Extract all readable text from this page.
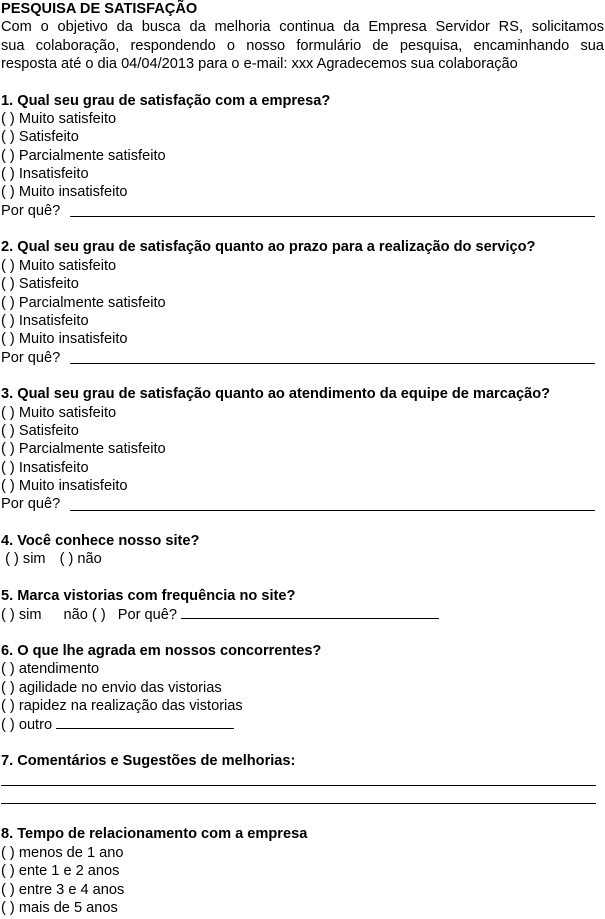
PESQUISA DE SATISFAÇÃO
Com o objetivo da busca da melhoria continua da Empresa Servidor RS, solicitamos
sua colaboração, respondendo o nosso formulário de pesquisa, encaminhando sua
resposta até o dia 04/04/2013 para o e-mail: xxx Agradecemos sua colaboração
1. Qual seu grau de satisfação com a empresa?
( ) Muito satisfeito
( ) Satisfeito
( ) Parcialmente satisfeito
( ) Insatisfeito
( ) Muito insatisfeito
Por quê?
2. Qual seu grau de satisfação quanto ao prazo para a realização do serviço?
( ) Muito satisfeito
( ) Satisfeito
( ) Parcialmente satisfeito
( ) Insatisfeito
( ) Muito insatisfeito
Por quê?
3. Qual seu grau de satisfação quanto ao atendimento da equipe de marcação?
( ) Muito satisfeito
( ) Satisfeito
( ) Parcialmente satisfeito
( ) Insatisfeito
( ) Muito insatisfeito
Por quê?
4. Você conhece nosso site?
( ) sim ( ) não
5. Marca vistorias com frequência no site?
( ) sim não ( ) Por quê?
6. O que lhe agrada em nossos concorrentes?
( ) atendimento
( ) agilidade no envio das vistorias
( ) rapidez na realização das vistorias
( ) outro
7. Comentários e Sugestões de melhorias:
8. Tempo de relacionamento com a empresa
( ) menos de 1 ano
( ) ente 1 e 2 anos
( ) entre 3 e 4 anos
( ) mais de 5 anos
